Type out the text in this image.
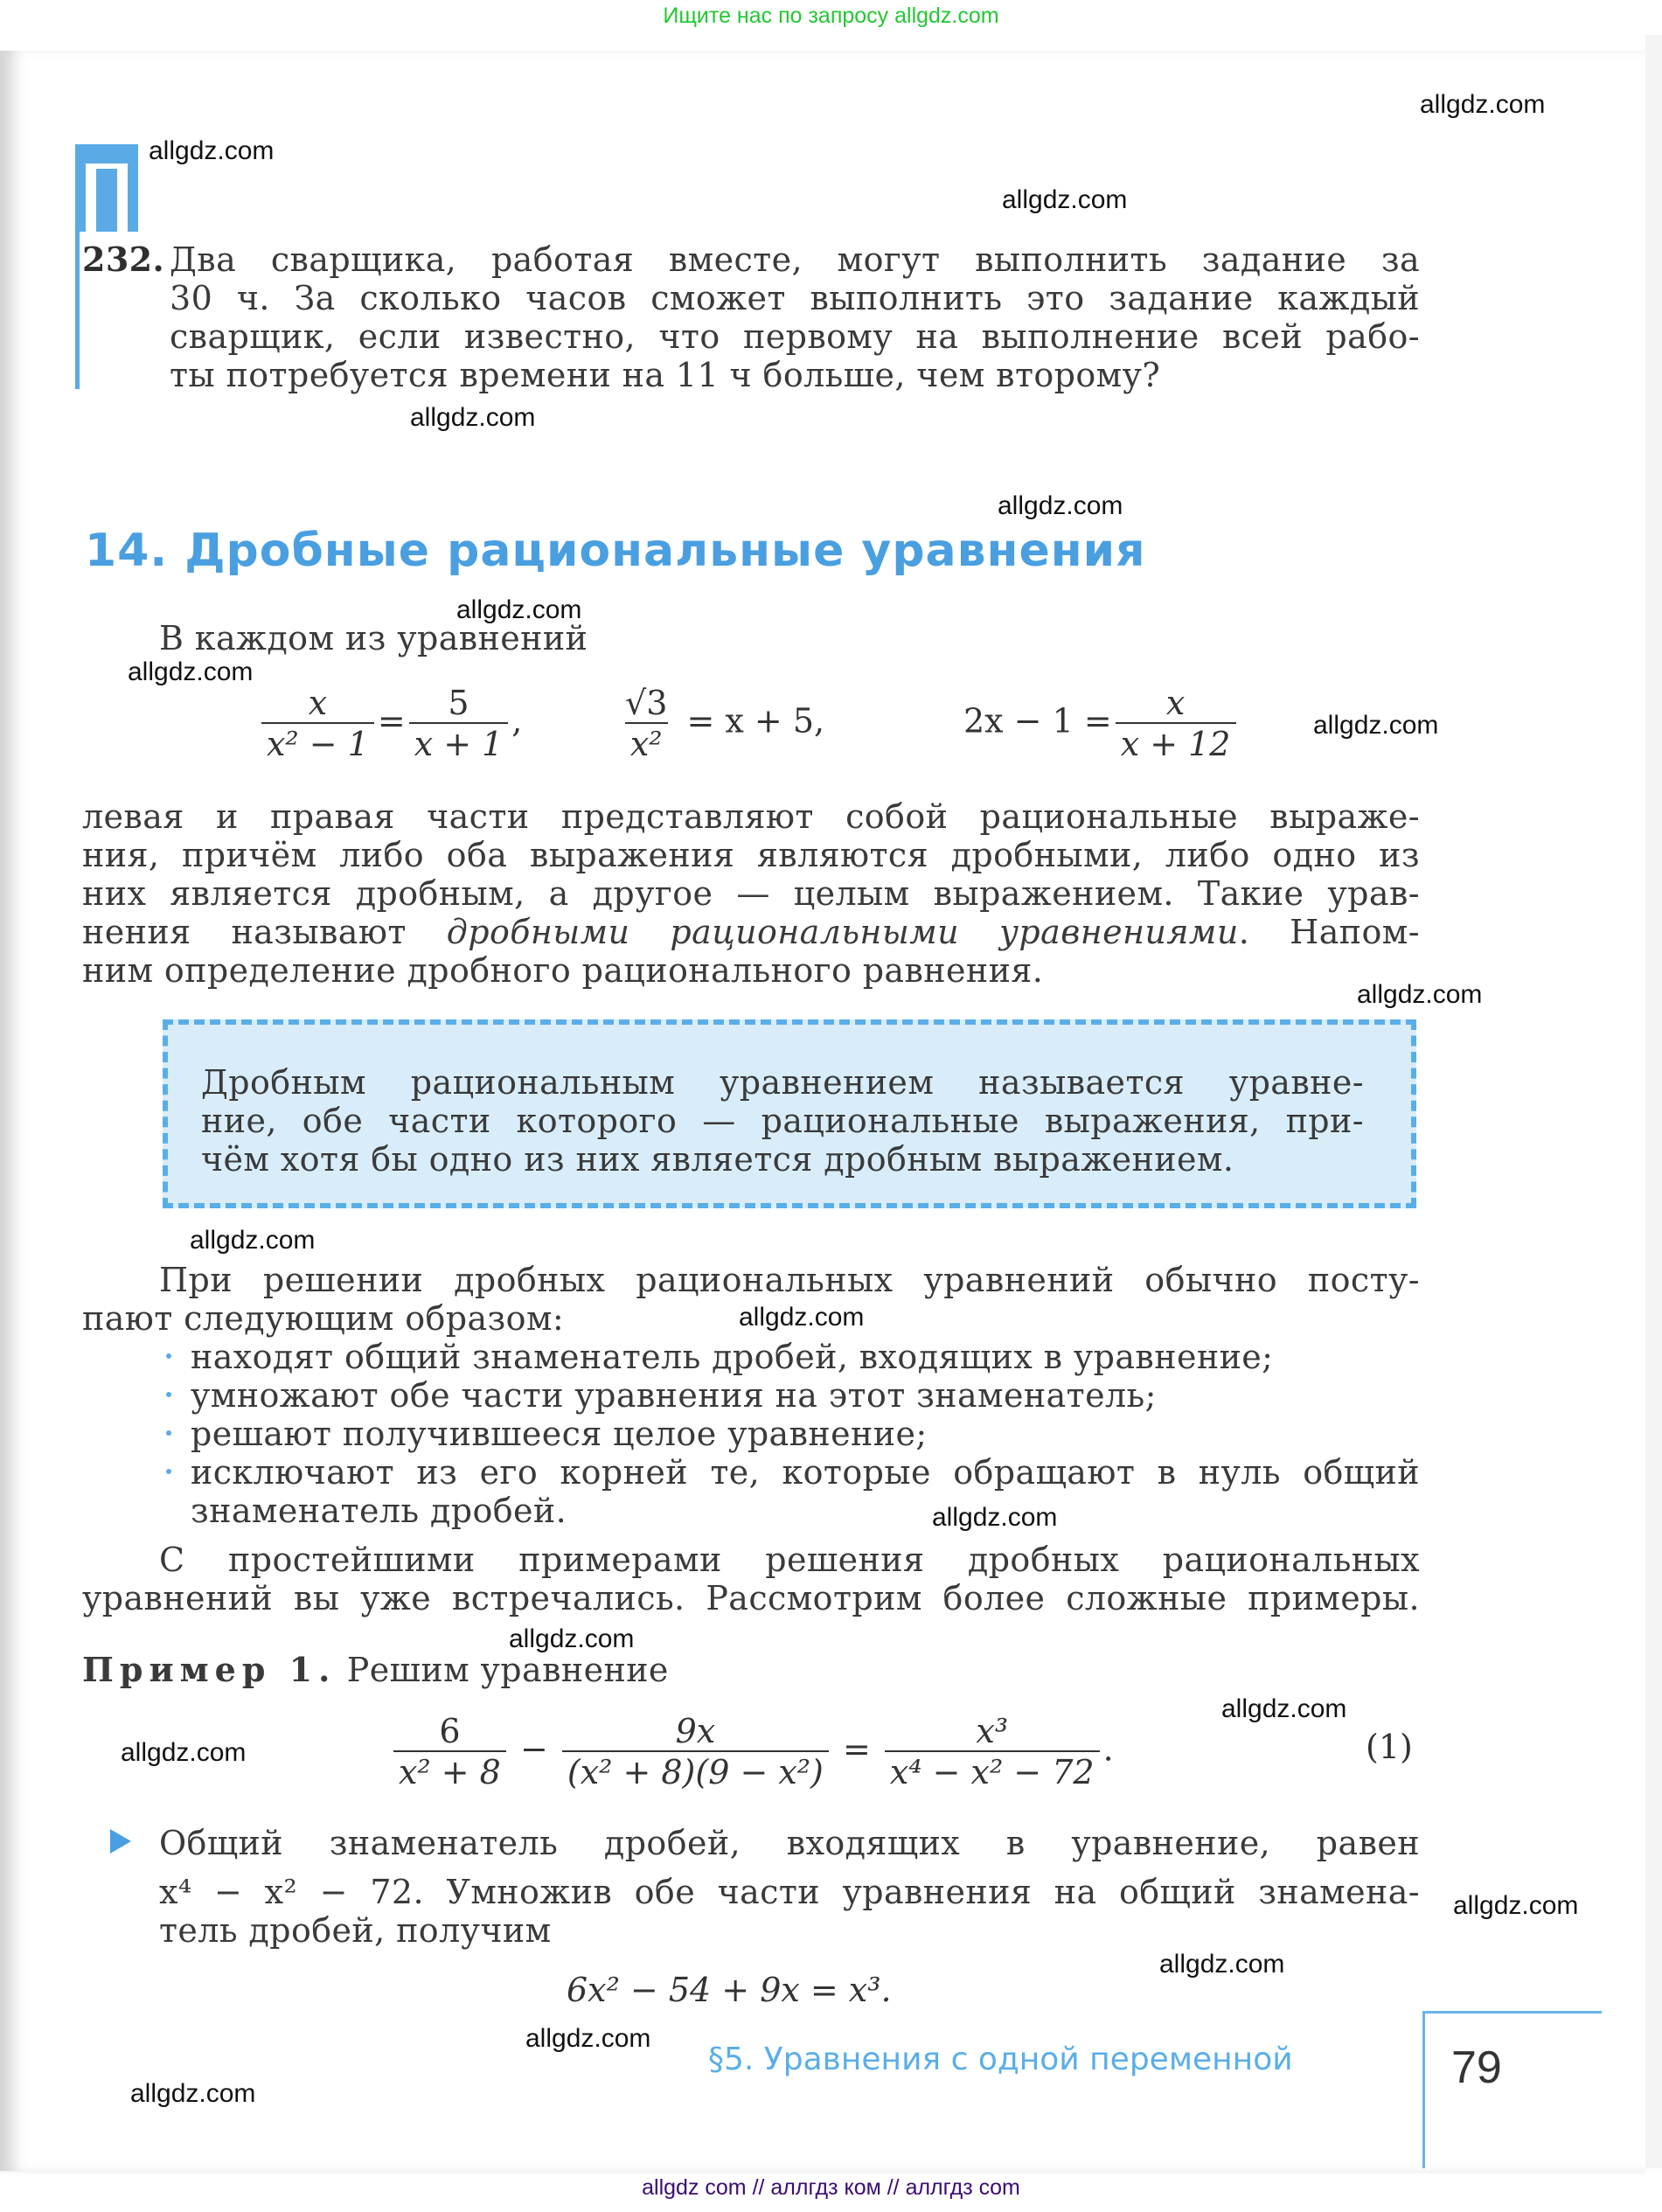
Ищите нас по запросу allgdz.com
allgdz.com
allgdz.com
allgdz.com
allgdz.com
allgdz.com
allgdz.com
allgdz.com
allgdz.com
allgdz.com
allgdz.com
allgdz.com
allgdz.com
allgdz.com
allgdz.com
allgdz.com
allgdz.com
allgdz.com
allgdz.com
allgdz.com
232. Два сварщика, работая вместе, могут выполнить задание за
30 ч. За сколько часов сможет выполнить это задание каждый
сварщик, если известно, что первому на выполнение всей рабо-
ты потребуется времени на 11 ч больше, чем второму?
14. Дробные рациональные уравнения
В каждом из уравнений
$\frac{x}{\text{x² − 1}} = \frac{5}{x + 1}$ ,	$\frac{√3}{\text{x²}} = x + 5$,	$2x - 1 = \frac{x}{x + 12}$
левая и правая части представляют собой рациональные выраже-
ния, причём либо оба выражения являются дробными, либо одно из
них является дробным, а другое — целым выражением. Такие урав-
нения называют дробными рациональными уравнениями. Напом-
ним определение дробного рационального равнения.
Дробным рациональным уравнением называется уравне-
ние, обе части которого — рациональные выражения, при-
чём хотя бы одно из них является дробным выражением.
При решении дробных рациональных уравнений обычно посту-
пают следующим образом:
находят общий знаменатель дробей, входящих в уравнение;
умножают обе части уравнения на этот знаменатель;
решают получившееся целое уравнение;
исключают из его корней те, которые обращают в нуль общий
знаменатель дробей.
С простейшими примерами решения дробных рациональных
уравнений вы уже встречались. Рассмотрим более сложные примеры.
Пример 1. Решим уравнение
$\frac{6}{\text{x² + 8}} - \frac{9x}{\text{(x² + 8)(9 − x²)}} = \frac{\text{x³}}{\text{x⁴ − x² − 72}}$ .	(1)
Общий знаменатель дробей, входящих в уравнение, равен
x⁴ − x² − 72. Умножив обе части уравнения на общий знамена-
тель дробей, получим
6x² − 54 + 9x = x³.
§5. Уравнения с одной переменной	79
allgdz com // аллгдз ком // аллгдз com
